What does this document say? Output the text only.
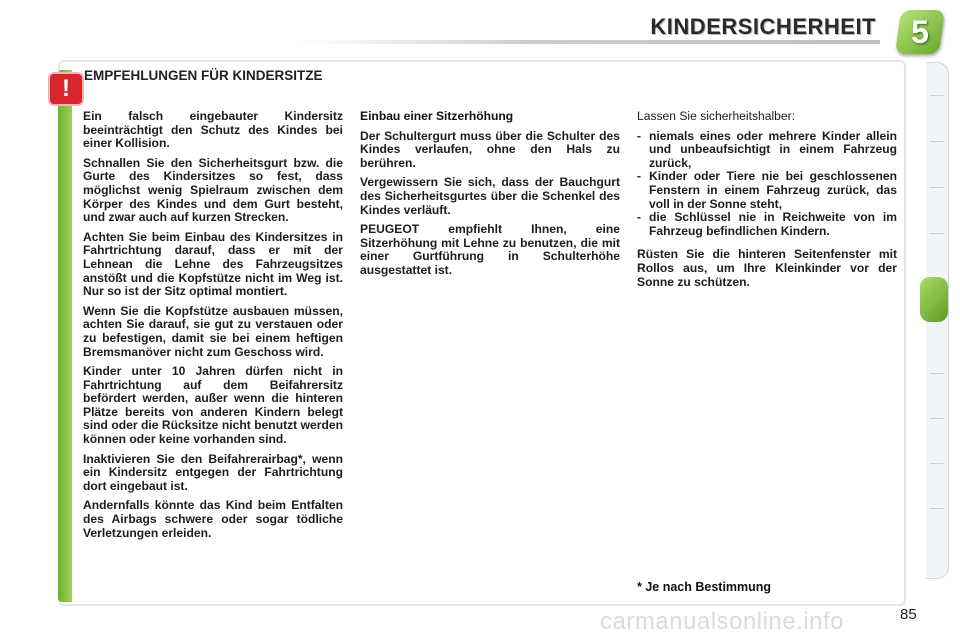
KINDERSICHERHEIT	5
!	EMPFEHLUNGEN FÜR KINDERSITZE

Ein falsch eingebauter Kindersitz beeinträchtigt den Schutz des Kindes bei einer Kollision.

Schnallen Sie den Sicherheitsgurt bzw. die Gurte des Kindersitzes so fest, dass möglichst wenig Spielraum zwischen dem Körper des Kindes und dem Gurt besteht, und zwar auch auf kurzen Strecken.

Achten Sie beim Einbau des Kindersitzes in Fahrtrichtung darauf, dass er mit der Lehnean die Lehne des Fahrzeugsitzes anstößt und die Kopfstütze nicht im Weg ist. Nur so ist der Sitz optimal montiert.

Wenn Sie die Kopfstütze ausbauen müssen, achten Sie darauf, sie gut zu verstauen oder zu befestigen, damit sie bei einem heftigen Bremsmanöver nicht zum Geschoss wird.

Kinder unter 10 Jahren dürfen nicht in Fahrtrichtung auf dem Beifahrersitz befördert werden, außer wenn die hinteren Plätze bereits von anderen Kindern belegt sind oder die Rücksitze nicht benutzt werden können oder keine vorhanden sind.

Inaktivieren Sie den Beifahrerairbag*, wenn ein Kindersitz entgegen der Fahrtrichtung dort eingebaut ist.

Andernfalls könnte das Kind beim Entfalten des Airbags schwere oder sogar tödliche Verletzungen erleiden.

Einbau einer Sitzerhöhung

Der Schultergurt muss über die Schulter des Kindes verlaufen, ohne den Hals zu berühren.

Vergewissern Sie sich, dass der Bauchgurt des Sicherheitsgurtes über die Schenkel des Kindes verläuft.

PEUGEOT empfiehlt Ihnen, eine Sitzerhöhung mit Lehne zu benutzen, die mit einer Gurtführung in Schulterhöhe ausgestattet ist.

Lassen Sie sicherheitshalber:

- niemals eines oder mehrere Kinder allein und unbeaufsichtigt in einem Fahrzeug zurück,
- Kinder oder Tiere nie bei geschlossenen Fenstern in einem Fahrzeug zurück, das voll in der Sonne steht,
- die Schlüssel nie in Reichweite von im Fahrzeug befindlichen Kindern.

Rüsten Sie die hinteren Seitenfenster mit Rollos aus, um Ihre Kleinkinder vor der Sonne zu schützen.

* Je nach Bestimmung
carmanualsonline.info	85
